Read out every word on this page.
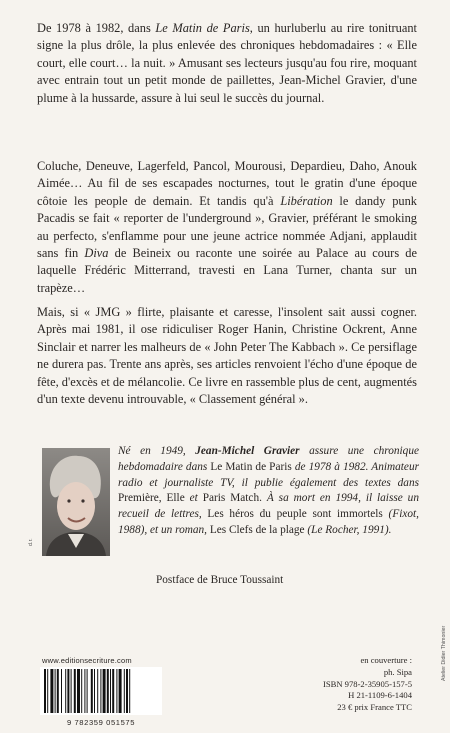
De 1978 à 1982, dans Le Matin de Paris, un hurluberlu au rire tonitruant signe la plus drôle, la plus enlevée des chroniques hebdomadaires : « Elle court, elle court… la nuit. » Amusant ses lecteurs jusqu'au fou rire, moquant avec entrain tout un petit monde de paillettes, Jean-Michel Gravier, d'une plume à la hussarde, assure à lui seul le succès du journal.

Coluche, Deneuve, Lagerfeld, Pancol, Mourousi, Depardieu, Daho, Anouk Aimée… Au fil de ses escapades nocturnes, tout le gratin d'une époque côtoie les people de demain. Et tandis qu'à Libération le dandy punk Pacadis se fait « reporter de l'underground », Gravier, préférant le smoking au perfecto, s'enflamme pour une jeune actrice nommée Adjani, applaudit sans fin Diva de Beineix ou raconte une soirée au Palace au cours de laquelle Frédéric Mitterrand, travesti en Lana Turner, chanta sur un trapèze…

Mais, si « JMG » flirte, plaisante et caresse, l'insolent sait aussi cogner. Après mai 1981, il ose ridiculiser Roger Hanin, Christine Ockrent, Anne Sinclair et narrer les malheurs de « John Peter The Kabbach ». Ce persiflage ne durera pas. Trente ans après, ses articles renvoient l'écho d'une époque de fête, d'excès et de mélancolie. Ce livre en rassemble plus de cent, augmentés d'un texte devenu introuvable, « Classement général ».

d.r.

Né en 1949, Jean-Michel Gravier assure une chronique hebdomadaire dans Le Matin de Paris de 1978 à 1982. Animateur radio et journaliste TV, il publie également des textes dans Première, Elle et Paris Match. À sa mort en 1994, il laisse un recueil de lettres, Les héros du peuple sont immortels (Fixot, 1988), et un roman, Les Clefs de la plage (Le Rocher, 1991).

Postface de Bruce Toussaint
www.editionsecriture.com
9 782359 051575
en couverture :
ph. Sipa
ISBN 978-2-35905-157-5
H 21-1109-6-1404
23 € prix France TTC
Atelier Didier Thimonier
